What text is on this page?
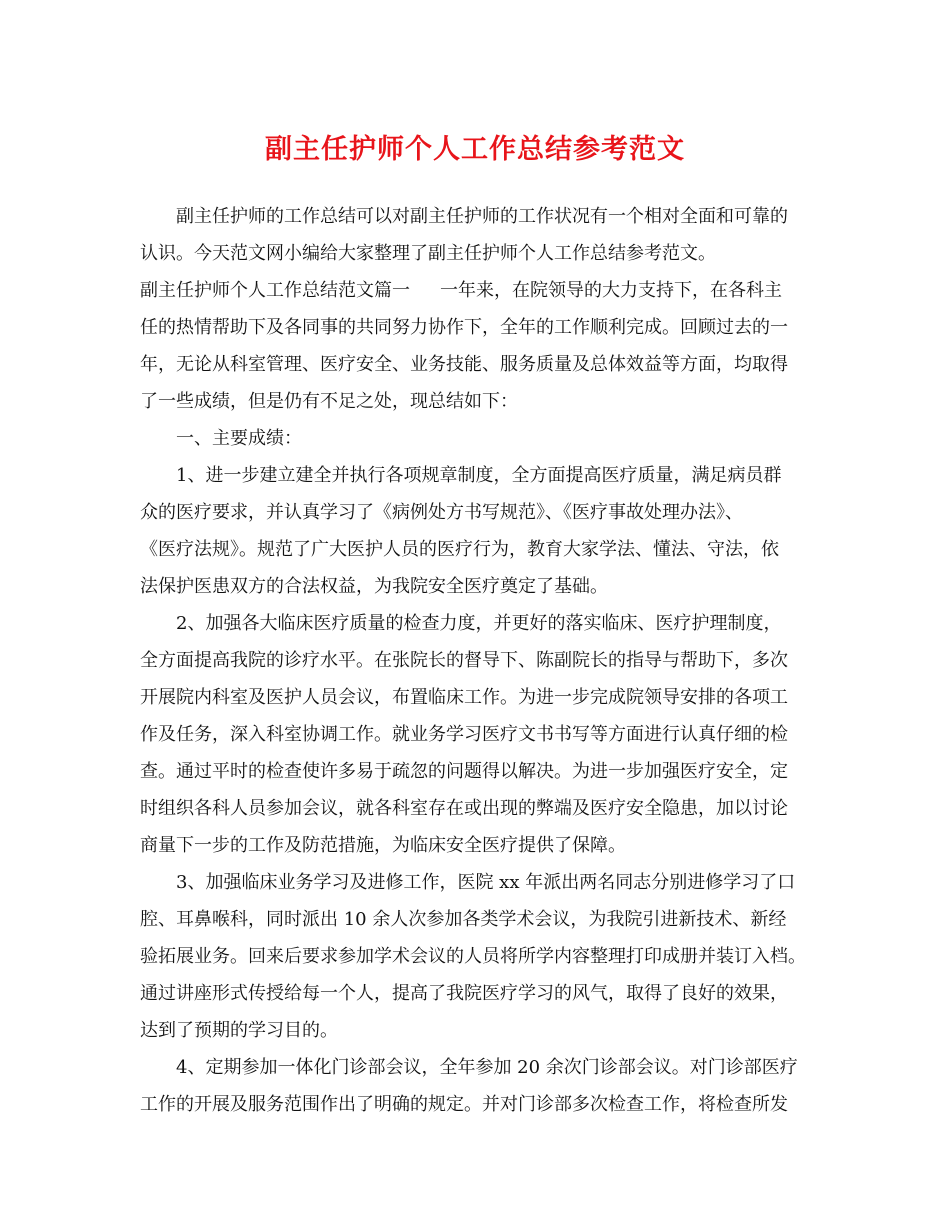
副主任护师个人工作总结参考范文
副主任护师的工作总结可以对副主任护师的工作状况有一个相对全面和可靠的
认识。今天范文网小编给大家整理了副主任护师个人工作总结参考范文。
副主任护师个人工作总结范文篇一 一年来，在院领导的大力支持下，在各科主
任的热情帮助下及各同事的共同努力协作下，全年的工作顺利完成。回顾过去的一
年，无论从科室管理、医疗安全、业务技能、服务质量及总体效益等方面，均取得
了一些成绩，但是仍有不足之处，现总结如下：
一、主要成绩：
1、进一步建立建全并执行各项规章制度，全方面提高医疗质量，满足病员群
众的医疗要求，并认真学习了《病例处方书写规范》、《医疗事故处理办法》、
《医疗法规》。规范了广大医护人员的医疗行为，教育大家学法、懂法、守法，依
法保护医患双方的合法权益，为我院安全医疗奠定了基础。
2、加强各大临床医疗质量的检查力度，并更好的落实临床、医疗护理制度，
全方面提高我院的诊疗水平。在张院长的督导下、陈副院长的指导与帮助下，多次
开展院内科室及医护人员会议，布置临床工作。为进一步完成院领导安排的各项工
作及任务，深入科室协调工作。就业务学习医疗文书书写等方面进行认真仔细的检
查。通过平时的检查使许多易于疏忽的问题得以解决。为进一步加强医疗安全，定
时组织各科人员参加会议，就各科室存在或出现的弊端及医疗安全隐患，加以讨论
商量下一步的工作及防范措施，为临床安全医疗提供了保障。
3、加强临床业务学习及进修工作，医院 xx 年派出两名同志分别进修学习了口
腔、耳鼻喉科，同时派出 10 余人次参加各类学术会议，为我院引进新技术、新经
验拓展业务。回来后要求参加学术会议的人员将所学内容整理打印成册并装订入档。
通过讲座形式传授给每一个人，提高了我院医疗学习的风气，取得了良好的效果，
达到了预期的学习目的。
4、定期参加一体化门诊部会议，全年参加 20 余次门诊部会议。对门诊部医疗
工作的开展及服务范围作出了明确的规定。并对门诊部多次检查工作，将检查所发
